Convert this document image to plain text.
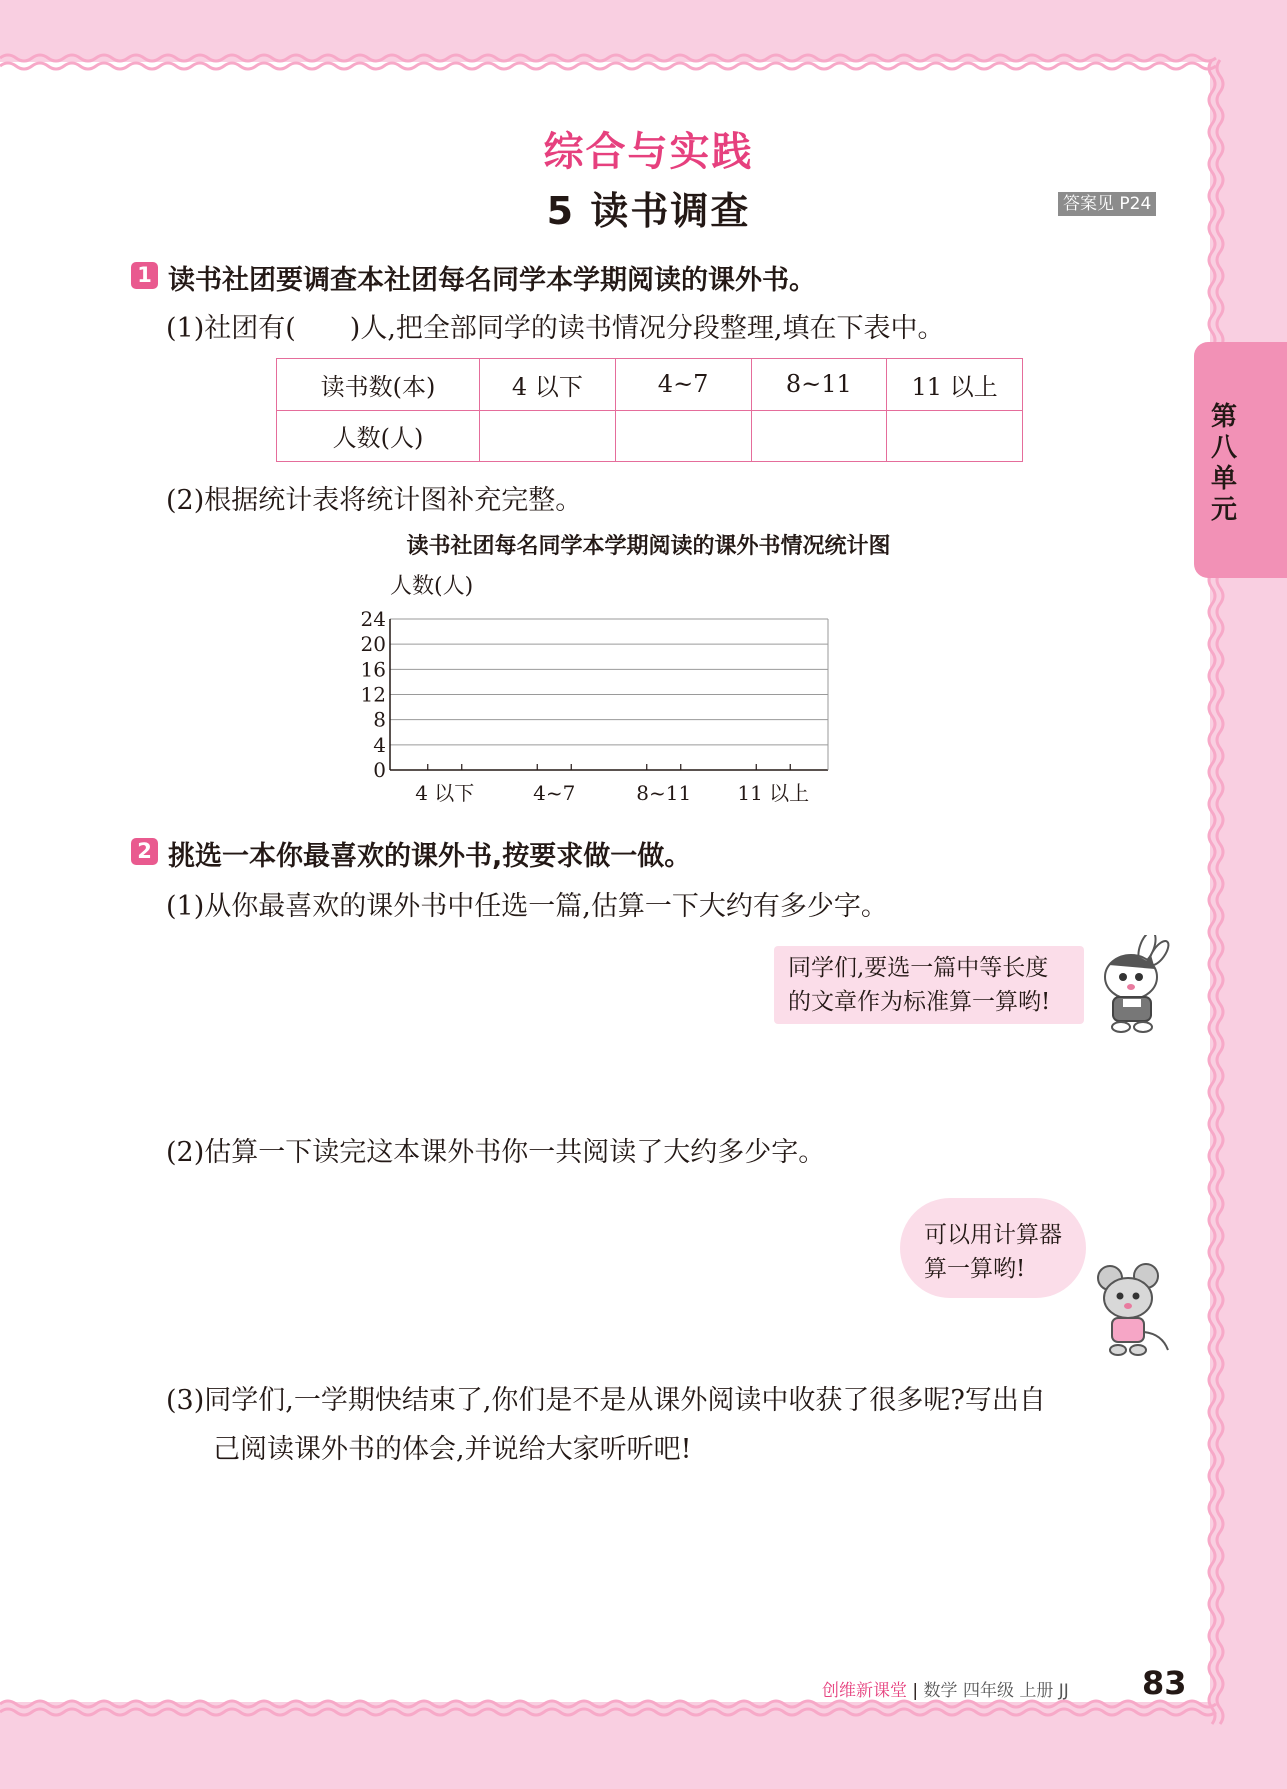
综合与实践
5 读书调查	答案见 P24
第八单元
1 读书社团要调查本社团每名同学本学期阅读的课外书。
(1)社团有(　　)人,把全部同学的读书情况分段整理,填在下表中。
读书数(本)	4 以下	4~7	8~11	11 以上
人数(人)				
(2)根据统计表将统计图补充完整。
读书社团每名同学本学期阅读的课外书情况统计图
人数(人)
24
20
16
12
8
4
0
4 以下	4~7	8~11 11 以上
2 挑选一本你最喜欢的课外书,按要求做一做。
(1)从你最喜欢的课外书中任选一篇,估算一下大约有多少字。
同学们,要选一篇中等长度
的文章作为标准算一算哟!
(2)估算一下读完这本课外书你一共阅读了大约多少字。
可以用计算器
算一算哟!
(3)同学们,一学期快结束了,你们是不是从课外阅读中收获了很多呢?写出自
己阅读课外书的体会,并说给大家听听吧!
创维新课堂 | 数学 四年级 上册 JJ 83
